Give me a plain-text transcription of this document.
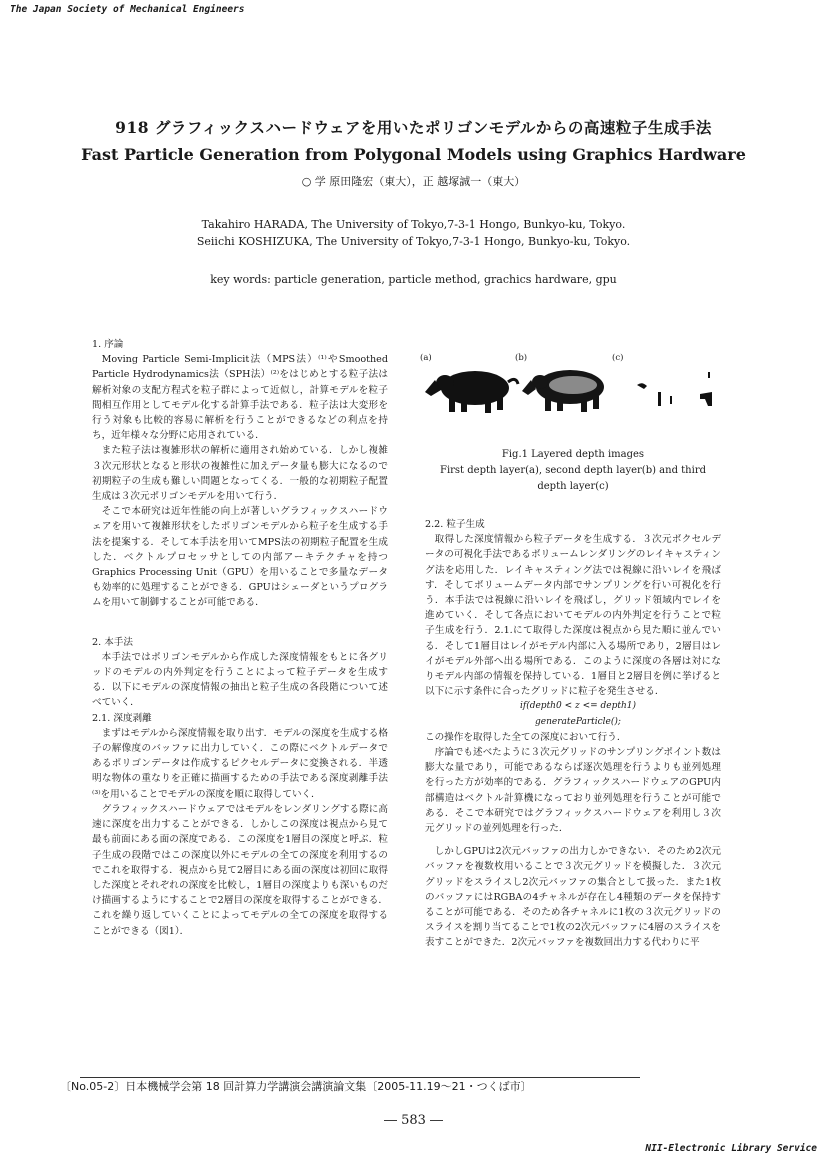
The Japan Society of Mechanical Engineers
918 グラフィックスハードウェアを用いたポリゴンモデルからの高速粒子生成手法
Fast Particle Generation from Polygonal Models using Graphics Hardware
○ 学 原田隆宏（東大），正 越塚誠一（東大）
Takahiro HARADA, The University of Tokyo,7-3-1 Hongo, Bunkyo-ku, Tokyo.
Seiichi KOSHIZUKA, The University of Tokyo,7-3-1 Hongo, Bunkyo-ku, Tokyo.
key words: particle generation, particle method, grachics hardware, gpu
1. 序論

Moving Particle Semi-Implicit法（MPS法）⁽¹⁾やSmoothed Particle Hydrodynamics法（SPH法）⁽²⁾をはじめとする粒子法は解析対象の支配方程式を粒子群によって近似し，計算モデルを粒子間相互作用としてモデル化する計算手法である．粒子法は大変形を行う対象も比較的容易に解析を行うことができるなどの利点を持ち，近年様々な分野に応用されている．

また粒子法は複雑形状の解析に適用され始めている．しかし複雑３次元形状となると形状の複雑性に加えデータ量も膨大になるので初期粒子の生成も難しい問題となってくる．一般的な初期粒子配置生成は３次元ポリゴンモデルを用いて行う．

そこで本研究は近年性能の向上が著しいグラフィックスハードウェアを用いて複雑形状をしたポリゴンモデルから粒子を生成する手法を提案する．そして本手法を用いてMPS法の初期粒子配置を生成した．ベクトルプロセッサとしての内部アーキテクチャを持つGraphics Processing Unit（GPU）を用いることで多量なデータも効率的に処理することができる．GPUはシェーダというプログラムを用いて制御することが可能である．

2. 本手法

本手法ではポリゴンモデルから作成した深度情報をもとに各グリッドのモデルの内外判定を行うことによって粒子データを生成する．以下にモデルの深度情報の抽出と粒子生成の各段階について述べていく．

2.1. 深度剥離

まずはモデルから深度情報を取り出す．モデルの深度を生成する格子の解像度のバッファに出力していく．この際にベクトルデータであるポリゴンデータは作成するピクセルデータに変換される．半透明な物体の重なりを正確に描画するための手法である深度剥離手法⁽³⁾を用いることでモデルの深度を順に取得していく．

グラフィックスハードウェアではモデルをレンダリングする際に高速に深度を出力することができる．しかしこの深度は視点から見て最も前面にある面の深度である．この深度を1層目の深度と呼ぶ．粒子生成の段階ではこの深度以外にモデルの全ての深度を利用するのでこれを取得する．視点から見て2層目にある面の深度は初回に取得した深度とそれぞれの深度を比較し，1層目の深度よりも深いものだけ描画するようにすることで2層目の深度を取得することができる．これを繰り返していくことによってモデルの全ての深度を取得することができる（図1）．

(a)	(b)	(c)
Fig.1 Layered depth images
First depth layer(a), second depth layer(b) and third depth layer(c)
2.2. 粒子生成

取得した深度情報から粒子データを生成する．３次元ボクセルデータの可視化手法であるボリュームレンダリングのレイキャスティング法を応用した．レイキャスティング法では視線に沿いレイを飛ばす．そしてボリュームデータ内部でサンプリングを行い可視化を行う．本手法では視線に沿いレイを飛ばし，グリッド領域内でレイを進めていく．そして各点においてモデルの内外判定を行うことで粒子生成を行う．2.1.にて取得した深度は視点から見た順に並んでいる．そして1層目はレイがモデル内部に入る場所であり，2層目はレイがモデル外部へ出る場所である．このように深度の各層は対になりモデル内部の情報を保持している．1層目と2層目を例に挙げると以下に示す条件に合ったグリッドに粒子を発生させる．

if(depth0 < z <= depth1)
generateParticle();
この操作を取得した全ての深度において行う．

序論でも述べたように３次元グリッドのサンプリングポイント数は膨大な量であり，可能であるならば逐次処理を行うよりも並列処理を行った方が効率的である．グラフィックスハードウェアのGPU内部構造はベクトル計算機になっており並列処理を行うことが可能である．そこで本研究ではグラフィックスハードウェアを利用し３次元グリッドの並列処理を行った．

しかしGPUは2次元バッファの出力しかできない．そのため2次元バッファを複数枚用いることで３次元グリッドを模擬した．３次元グリッドをスライスし2次元バッファの集合として扱った．また1枚のバッファにはRGBAの4チャネルが存在し4種類のデータを保持することが可能である．そのため各チャネルに1枚の３次元グリッドのスライスを割り当てることで1枚の2次元バッファに4層のスライスを表すことができた．2次元バッファを複数回出力する代わりに平

〔No.05-2〕日本機械学会第 18 回計算力学講演会講演論文集〔2005-11.19～21・つくば市〕
― 583 ―
NII-Electronic Library Service
